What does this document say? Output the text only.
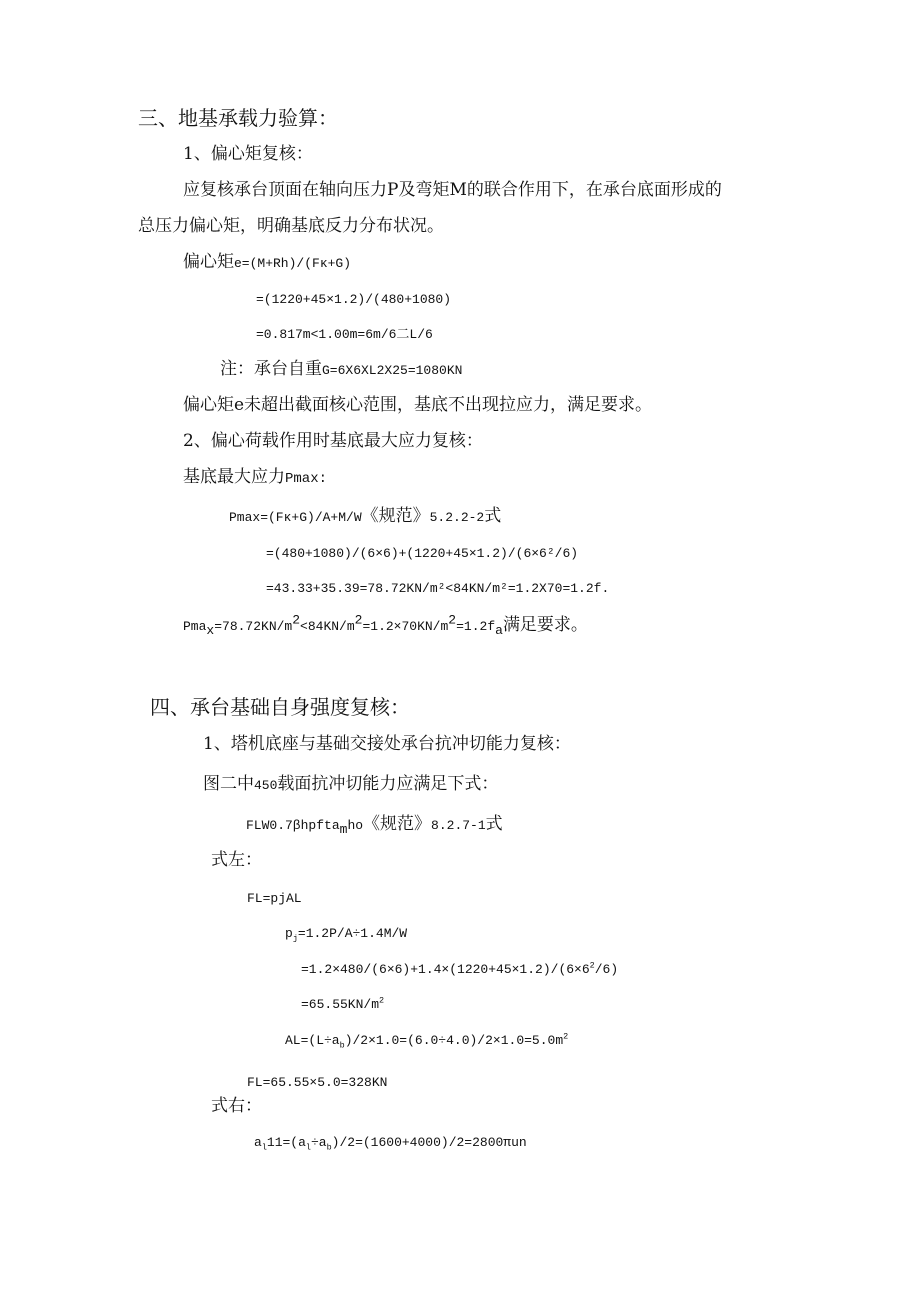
三、地基承载力验算：
1、偏心矩复核：
应复核承台顶面在轴向压力P及弯矩M的联合作用下，在承台底面形成的
总压力偏心矩，明确基底反力分布状况。
偏心矩e=(M+Rh)/(Fκ+G)
=(1220+45×1.2)/(480+1080)
=0.817m<1.00m=6m/6二L/6
注：承台自重G=6X6XL2X25=1080KN
偏心矩e未超出截面核心范围，基底不出现拉应力，满足要求。
2、偏心荷载作用时基底最大应力复核：
基底最大应力Pmax:
Pmax=(Fκ+G)/A+M/W《规范》5.2.2-2式
=(480+1080)/(6×6)+(1220+45×1.2)/(6×6²/6)
=43.33+35.39=78.72KN/m²<84KN/m²=1.2X70=1.2f.
$Pma_x=78.72KN/m^2<84KN/m^2=1.2\times 70KN/m^2=1.2f_a$满足要求。
四、承台基础自身强度复核：
1、塔机底座与基础交接处承台抗冲切能力复核：
图二中450载面抗冲切能力应满足下式：
FLW0.7βhpfta$_m$ho《规范》8.2.7-1式
式左：
FL=pjAL
$p_j=1.2P/A\div 1.4M/W$
$=1.2\times 480/(6\times 6)+1.4\times(1220+45\times 1.2)/(6\times 6^2/6)$
$=65.55KN/m^2$
$AL=(L\div a_b)/2\times 1.0=(6.0\div 4.0)/2\times 1.0=5.0m^2$
FL=65.55×5.0=328KN
式右：
$a_l11=(a_l\div a_b)/2=(1600+4000)/2=2800\pi un$
